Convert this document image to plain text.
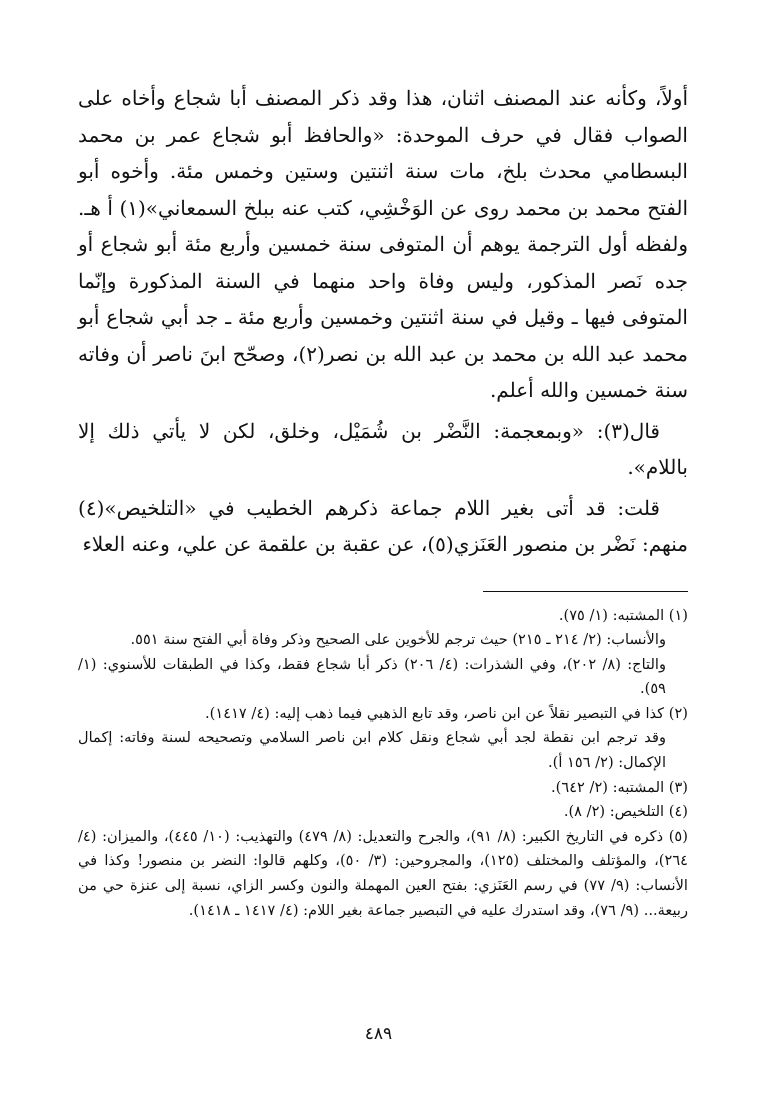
أولاً، وكأنه عند المصنف اثنان، هذا وقد ذكر المصنف أبا شجاع وأخاه على الصواب فقال في حرف الموحدة: «والحافظ أبو شجاع عمر بن محمد البسطامي محدث بلخ، مات سنة اثنتين وستين وخمس مئة. وأخوه أبو الفتح محمد بن محمد روى عن الوَخْشِي، كتب عنه ببلخ السمعاني»(١) أ هـ. ولفظه أول الترجمة يوهم أن المتوفى سنة خمسين وأربع مئة أبو شجاع أو جده نَصر المذكور، وليس وفاة واحد منهما في السنة المذكورة وإنّما المتوفى فيها ـ وقيل في سنة اثنتين وخمسين وأربع مئة ـ جد أبي شجاع أبو محمد عبد الله بن محمد بن عبد الله بن نصر(٢)، وصحّح ابنَ ناصر أن وفاته سنة خمسين والله أعلم.

قال(٣): «وبمعجمة: النَّضْر بن شُمَيْل، وخلق، لكن لا يأتي ذلك إلا باللام».

قلت: قد أتى بغير اللام جماعة ذكرهم الخطيب في «التلخيص»(٤) منهم: نَضْر بن منصور العَنَزي(٥)، عن عقبة بن علقمة عن علي، وعنه العلاء

(١) المشتبه: (١/ ٧٥).

والأنساب: (٢/ ٢١٤ ـ ٢١٥) حيث ترجم للأخوين على الصحيح وذكر وفاة أبي الفتح سنة ٥٥١.

والتاج: (٨/ ٢٠٢)، وفي الشذرات: (٤/ ٢٠٦) ذكر أبا شجاع فقط، وكذا في الطبقات للأسنوي: (١/ ٥٩).

(٢) كذا في التبصير نقلاً عن ابن ناصر، وقد تابع الذهبي فيما ذهب إليه: (٤/ ١٤١٧).

وقد ترجم ابن نقطة لجد أبي شجاع ونقل كلام ابن ناصر السلامي وتصحيحه لسنة وفاته: إكمال الإكمال: (٢/ ١٥٦ أ).

(٣) المشتبه: (٢/ ٦٤٢).

(٤) التلخيص: (٢/ ٨).

(٥) ذكره في التاريخ الكبير: (٨/ ٩١)، والجرح والتعديل: (٨/ ٤٧٩) والتهذيب: (١٠/ ٤٤٥)، والميزان: (٤/ ٢٦٤)، والمؤتلف والمختلف (١٢٥)، والمجروحين: (٣/ ٥٠)، وكلهم قالوا: النضر بن منصور! وكذا في الأنساب: (٩/ ٧٧) في رسم العَنَزي: بفتح العين المهملة والنون وكسر الزاي، نسبة إلى عنزة حي من ربيعة... (٩/ ٧٦)، وقد استدرك عليه في التبصير جماعة بغير اللام: (٤/ ١٤١٧ ـ ١٤١٨).

٤٨٩
